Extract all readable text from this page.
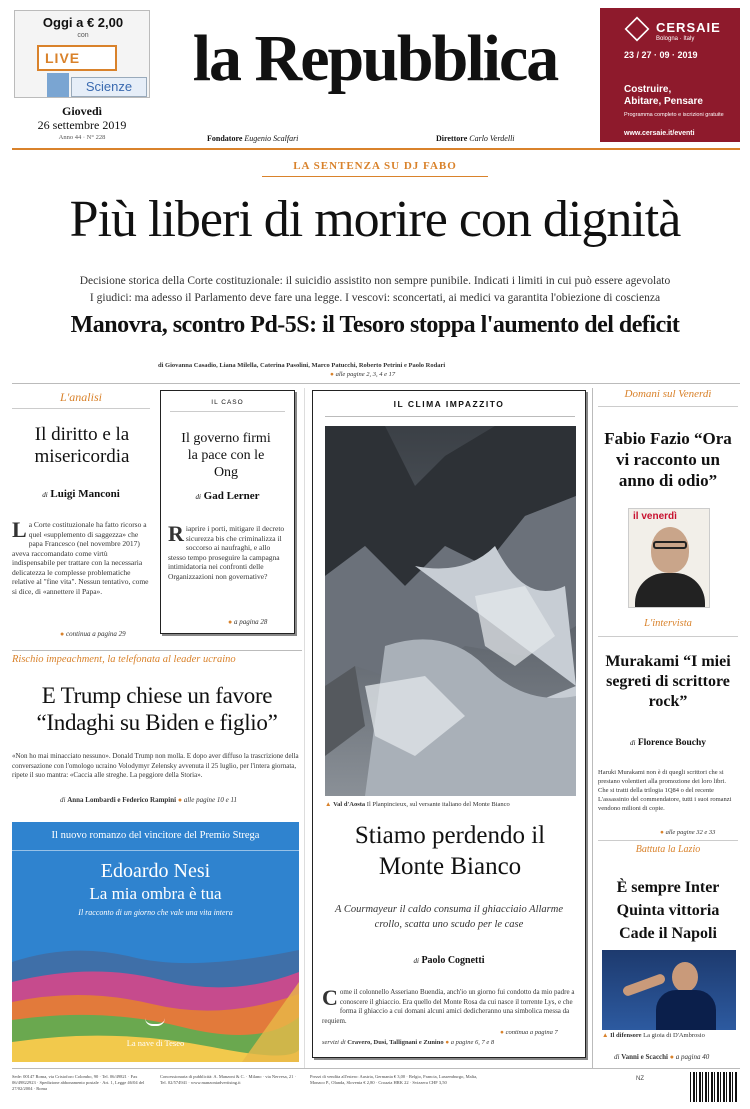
Oggi a € 2,00
con
LIVE
Scienze
Giovedì
26 settembre 2019
Anno 44 · N° 228
la Repubblica
Fondatore Eugenio Scalfari	Direttore Carlo Verdelli
CERSAIE
Bologna · Italy
23 / 27 · 09 · 2019
Costruire,
Abitare, Pensare
Programma completo e iscrizioni gratuite
www.cersaie.it/eventi
LA SENTENZA SU DJ FABO
Più liberi di morire con dignità
Decisione storica della Corte costituzionale: il suicidio assistito non sempre punibile. Indicati i limiti in cui può essere agevolato
I giudici: ma adesso il Parlamento deve fare una legge. I vescovi: sconcertati, ai medici va garantita l'obiezione di coscienza
Manovra, scontro Pd-5S: il Tesoro stoppa l'aumento del deficit
di Giovanna Casadio, Liana Milella, Caterina Pasolini, Marco Patucchi, Roberto Petrini e Paolo Rodari
● alle pagine 2, 3, 4 e 17
L'analisi
Il diritto e la misericordia
di Luigi Manconi
La Corte costituzionale ha fatto ricorso a quel «supplemento di saggezza» che papa Francesco (nel novembre 2017) aveva raccomandato come virtù indispensabile per trattare con la necessaria delicatezza le complesse problematiche relative al "fine vita". Nessun tentativo, come si dice, di «annettere il Papa».
● continua a pagina 29
IL CASO
Il governo firmi la pace con le Ong
di Gad Lerner
Riaprire i porti, mitigare il decreto sicurezza bis che criminalizza il soccorso ai naufraghi, e allo stesso tempo proseguire la campagna intimidatoria nei confronti delle Organizzazioni non governative?
● a pagina 28
Rischio impeachment, la telefonata al leader ucraino
E Trump chiese un favore “Indaghi su Biden e figlio”
«Non ho mai minacciato nessuno». Donald Trump non molla. E dopo aver diffuso la trascrizione della conversazione con l'omologo ucraino Volodymyr Zelensky avvenuta il 25 luglio, per l'intera giornata, ripete il suo mantra: «Caccia alle streghe. La peggiore della Storia».
di Anna Lombardi e Federico Rampini ● alle pagine 10 e 11
Il nuovo romanzo del vincitore del Premio Strega
Edoardo Nesi
La mia ombra è tua
Il racconto di un giorno che vale una vita intera
La nave di Teseo
IL CLIMA IMPAZZITO
▲ Val d'Aosta Il Planpincieux, sul versante italiano del Monte Bianco
Stiamo perdendo il Monte Bianco
A Courmayeur il caldo consuma il ghiacciaio Allarme crollo, scatta uno scudo per le case
di Paolo Cognetti
Come il colonnello Asseriano Buendía, anch'io un giorno fui condotto da mio padre a conoscere il ghiaccio. Era quello del Monte Rosa da cui nasce il torrente Lys, e che forma il ghiaccio a cui domani alcuni amici dedicheranno una simbolica messa da requiem.
● continua a pagina 7
servizi di Cravero, Dusi, Tallignani e Zunino ● a pagine 6, 7 e 8
Domani sul Venerdì
Fabio Fazio “Ora vi racconto un anno di odio”
il venerdì
L'intervista
Murakami “I miei segreti di scrittore rock”
di Florence Bouchy
Haruki Murakami non è di quegli scrittori che si prestano volentieri alla promozione dei loro libri. Che si tratti della trilogia 1Q84 o del recente L'assassinio del commendatore, tutti i suoi romanzi vendono milioni di copie.
● alle pagine 32 e 33
Battuta la Lazio
È sempre Inter Quinta vittoria Cade il Napoli
▲ Il difensore La gioia di D'Ambrosio
di Vanni e Scacchi ● a pagina 40
Sede: 00147 Roma, via Cristoforo Colombo, 90 · Tel. 06/49821 · Fax 06/49822923 · Spedizione abbonamento postale · Art. 1, Legge 46/04 del 27/02/2004 · Roma
Concessionaria di pubblicità: A. Manzoni & C. · Milano · via Nervesa, 21 · Tel. 02/574941 · www.manzoniadvertising.it
Prezzi di vendita all'estero: Austria, Germania € 3,00 · Belgio, Francia, Lussemburgo, Malta, Monaco P., Olanda, Slovenia € 2,80 · Croazia HRK 22 · Svizzera CHF 3,50
NZ
